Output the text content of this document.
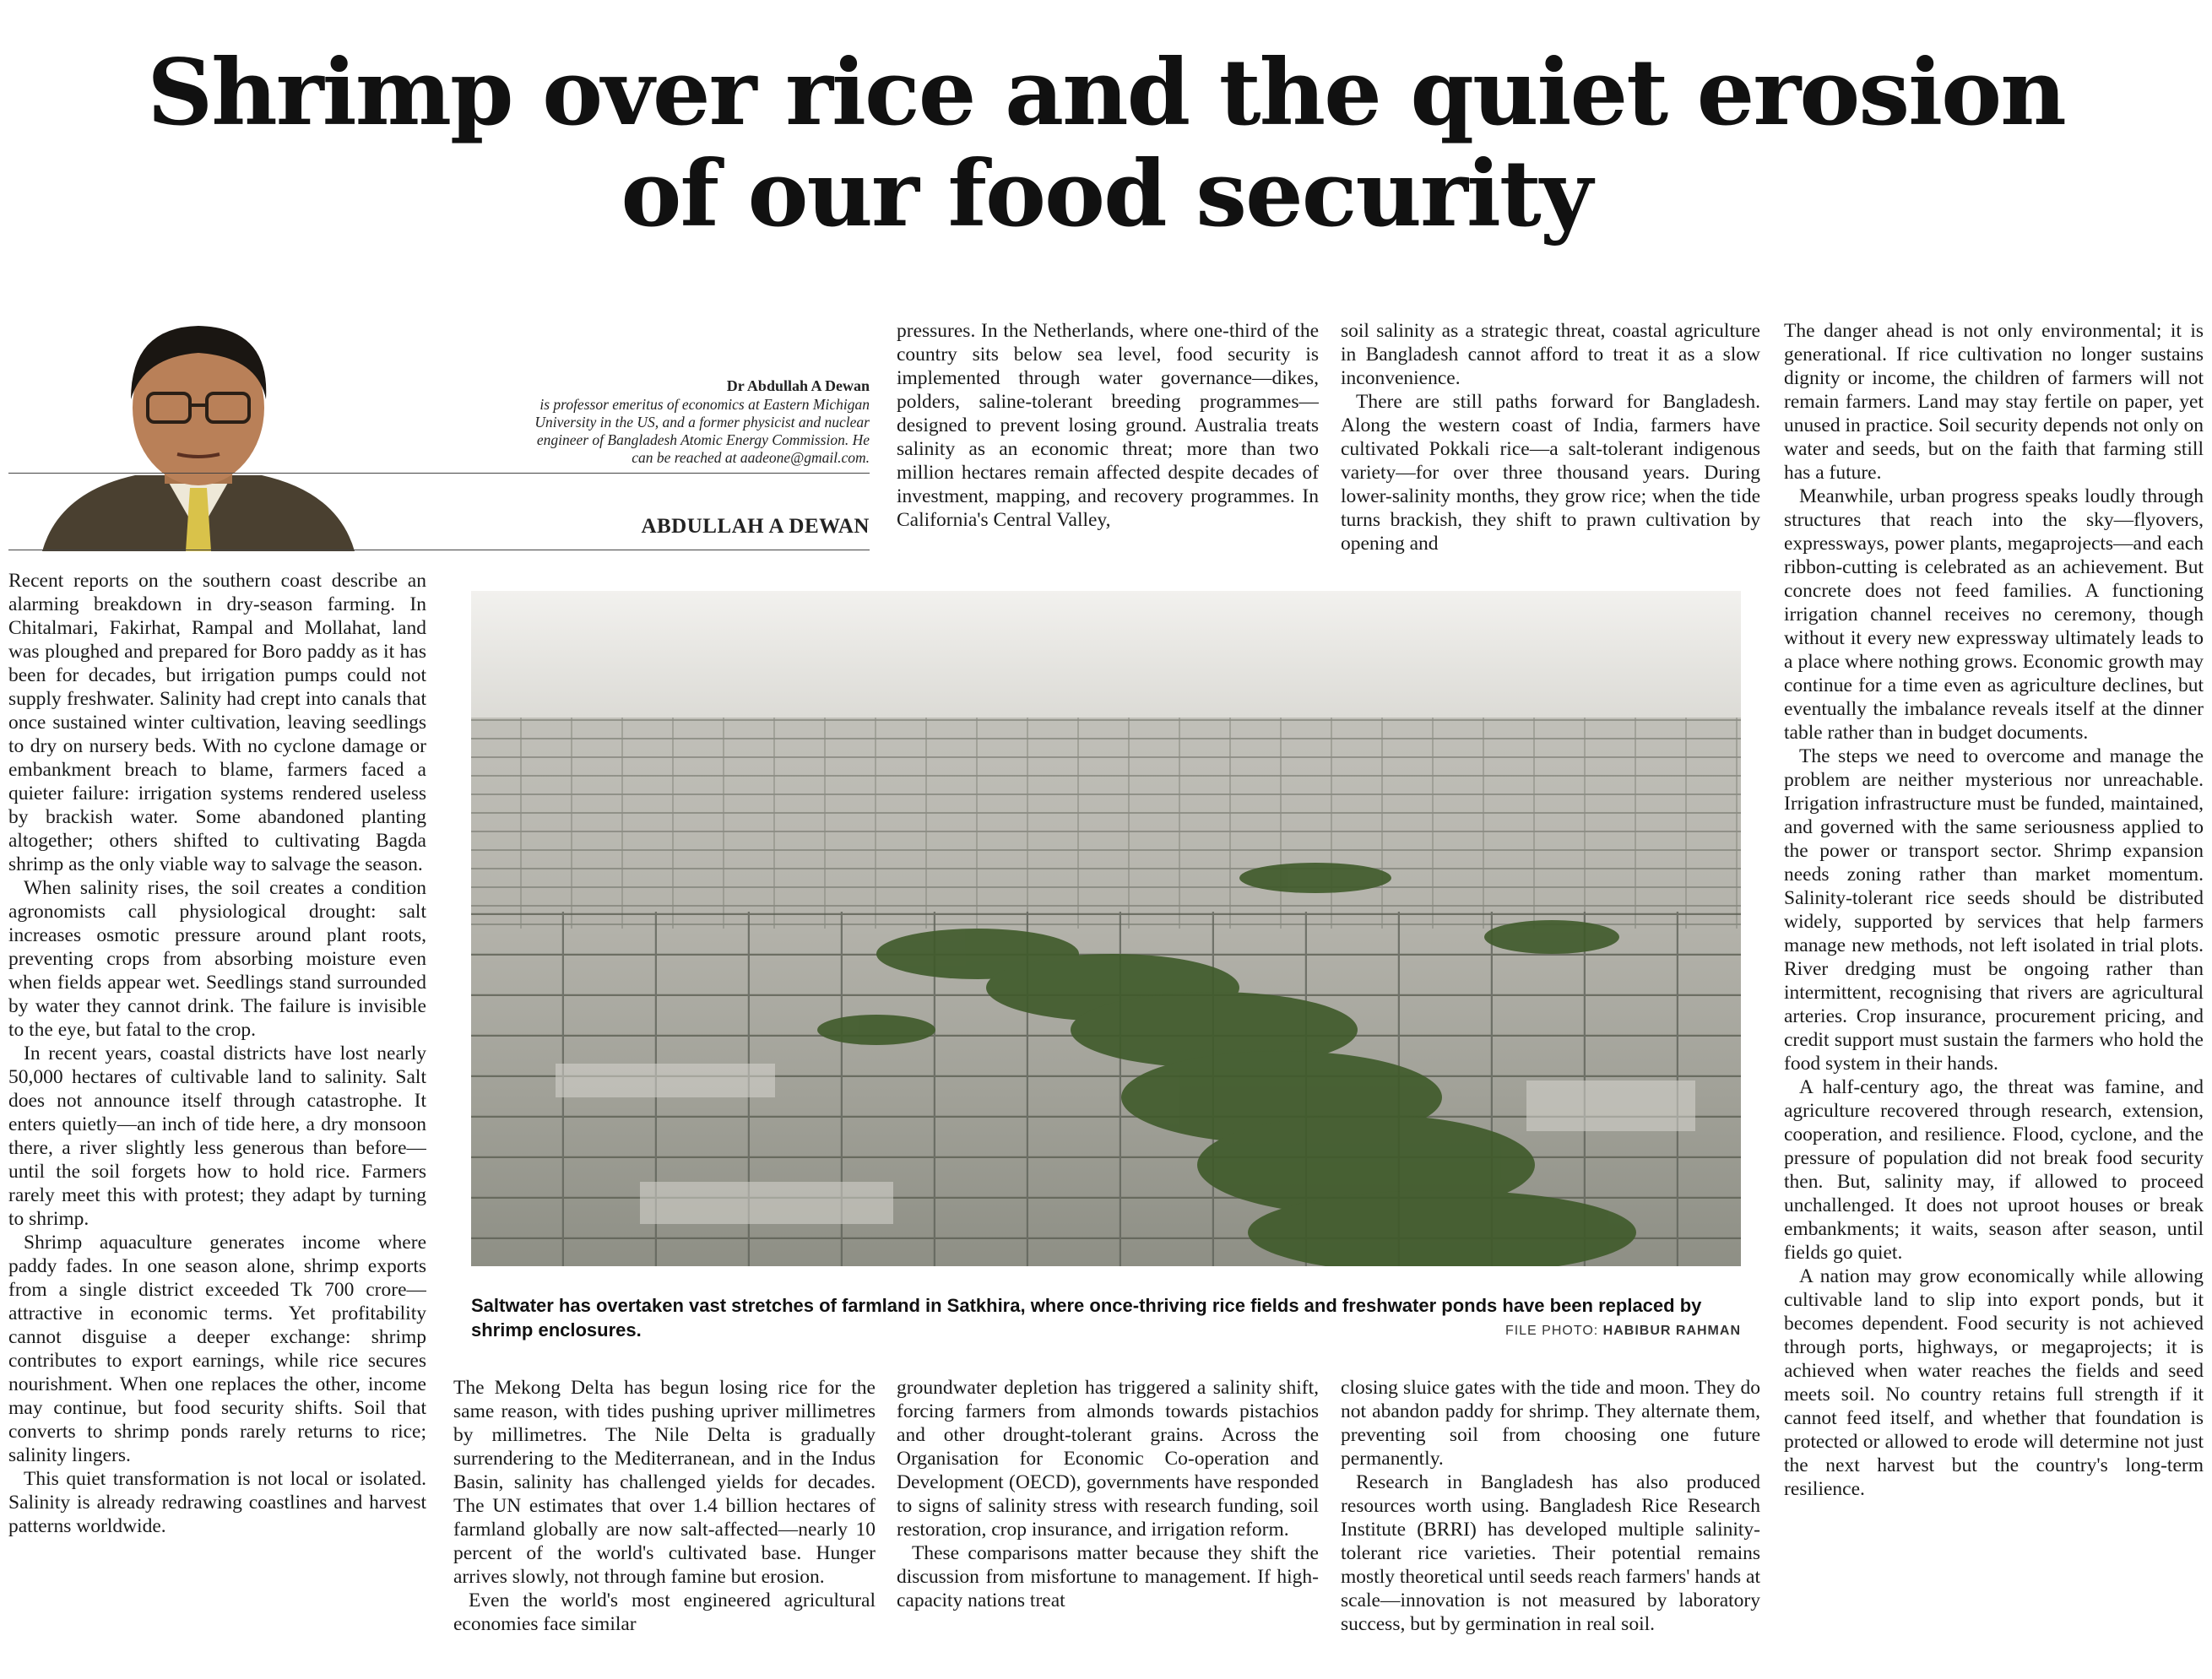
Shrimp over rice and the quiet erosion
of our food security
Dr Abdullah A Dewan
is professor emeritus of economics at Eastern Michigan
University in the US, and a former physicist and nuclear
engineer of Bangladesh Atomic Energy Commission. He
can be reached at aadeone@gmail.com.
ABDULLAH A DEWAN

Recent reports on the southern coast describe an alarming breakdown in dry-season farming. In Chitalmari, Fakirhat, Rampal and Mollahat, land was ploughed and prepared for Boro paddy as it has been for decades, but irrigation pumps could not supply freshwater. Salinity had crept into canals that once sustained winter cultivation, leaving seedlings to dry on nursery beds. With no cyclone damage or embankment breach to blame, farmers faced a quieter failure: irrigation systems rendered useless by brackish water. Some abandoned planting altogether; others shifted to cultivating Bagda shrimp as the only viable way to salvage the season.

When salinity rises, the soil creates a condition agronomists call physiological drought: salt increases osmotic pressure around plant roots, preventing crops from absorbing moisture even when fields appear wet. Seedlings stand surrounded by water they cannot drink. The failure is invisible to the eye, but fatal to the crop.

In recent years, coastal districts have lost nearly 50,000 hectares of cultivable land to salinity. Salt does not announce itself through catastrophe. It enters quietly—an inch of tide here, a dry monsoon there, a river slightly less generous than before—until the soil forgets how to hold rice. Farmers rarely meet this with protest; they adapt by turning to shrimp.

Shrimp aquaculture generates income where paddy fades. In one season alone, shrimp exports from a single district exceeded Tk 700 crore—attractive in economic terms. Yet profitability cannot disguise a deeper exchange: shrimp contributes to export earnings, while rice secures nourishment. When one replaces the other, income may continue, but food security shifts. Soil that converts to shrimp ponds rarely returns to rice; salinity lingers.

This quiet transformation is not local or isolated. Salinity is already redrawing coastlines and harvest patterns worldwide.

pressures. In the Netherlands, where one-third of the country sits below sea level, food security is implemented through water governance—dikes, polders, saline-tolerant breeding programmes—designed to prevent losing ground. Australia treats salinity as an economic threat; more than two million hectares remain affected despite decades of investment, mapping, and recovery programmes. In California's Central Valley,

soil salinity as a strategic threat, coastal agriculture in Bangladesh cannot afford to treat it as a slow inconvenience.

There are still paths forward for Bangladesh. Along the western coast of India, farmers have cultivated Pokkali rice—a salt-tolerant indigenous variety—for over three thousand years. During lower-salinity months, they grow rice; when the tide turns brackish, they shift to prawn cultivation by opening and

The danger ahead is not only environmental; it is generational. If rice cultivation no longer sustains dignity or income, the children of farmers will not remain farmers. Land may stay fertile on paper, yet unused in practice. Soil security depends not only on water and seeds, but on the faith that farming still has a future.

Meanwhile, urban progress speaks loudly through structures that reach into the sky—flyovers, expressways, power plants, megaprojects—and each ribbon-cutting is celebrated as an achievement. But concrete does not feed families. A functioning irrigation channel receives no ceremony, though without it every new expressway ultimately leads to a place where nothing grows. Economic growth may continue for a time even as agriculture declines, but eventually the imbalance reveals itself at the dinner table rather than in budget documents.

The steps we need to overcome and manage the problem are neither mysterious nor unreachable. Irrigation infrastructure must be funded, maintained, and governed with the same seriousness applied to the power or transport sector. Shrimp expansion needs zoning rather than market momentum. Salinity-tolerant rice seeds should be distributed widely, supported by services that help farmers manage new methods, not left isolated in trial plots. River dredging must be ongoing rather than intermittent, recognising that rivers are agricultural arteries. Crop insurance, procurement pricing, and credit support must sustain the farmers who hold the food system in their hands.

A half-century ago, the threat was famine, and agriculture recovered through research, extension, cooperation, and resilience. Flood, cyclone, and the pressure of population did not break food security then. But, salinity may, if allowed to proceed unchallenged. It does not uproot houses or break embankments; it waits, season after season, until fields go quiet.

A nation may grow economically while allowing cultivable land to slip into export ponds, but it becomes dependent. Food security is not achieved through ports, highways, or megaprojects; it is achieved when water reaches the fields and seed meets soil. No country retains full strength if it cannot feed itself, and whether that foundation is protected or allowed to erode will determine not just the next harvest but the country's long-term resilience.

The Mekong Delta has begun losing rice for the same reason, with tides pushing upriver millimetres by millimetres. The Nile Delta is gradually surrendering to the Mediterranean, and in the Indus Basin, salinity has challenged yields for decades. The UN estimates that over 1.4 billion hectares of farmland globally are now salt-affected—nearly 10 percent of the world's cultivated base. Hunger arrives slowly, not through famine but erosion.

Even the world's most engineered agricultural economies face similar

groundwater depletion has triggered a salinity shift, forcing farmers from almonds towards pistachios and other drought-tolerant grains. Across the Organisation for Economic Co-operation and Development (OECD), governments have responded to signs of salinity stress with research funding, soil restoration, crop insurance, and irrigation reform.

These comparisons matter because they shift the discussion from misfortune to management. If high-capacity nations treat

closing sluice gates with the tide and moon. They do not abandon paddy for shrimp. They alternate them, preventing soil from choosing one future permanently.

Research in Bangladesh has also produced resources worth using. Bangladesh Rice Research Institute (BRRI) has developed multiple salinity-tolerant rice varieties. Their potential remains mostly theoretical until seeds reach farmers' hands at scale—innovation is not measured by laboratory success, but by germination in real soil.

Saltwater has overtaken vast stretches of farmland in Satkhira, where once-thriving rice fields and freshwater ponds have been replaced by shrimp enclosures.	FILE PHOTO: HABIBUR RAHMAN
